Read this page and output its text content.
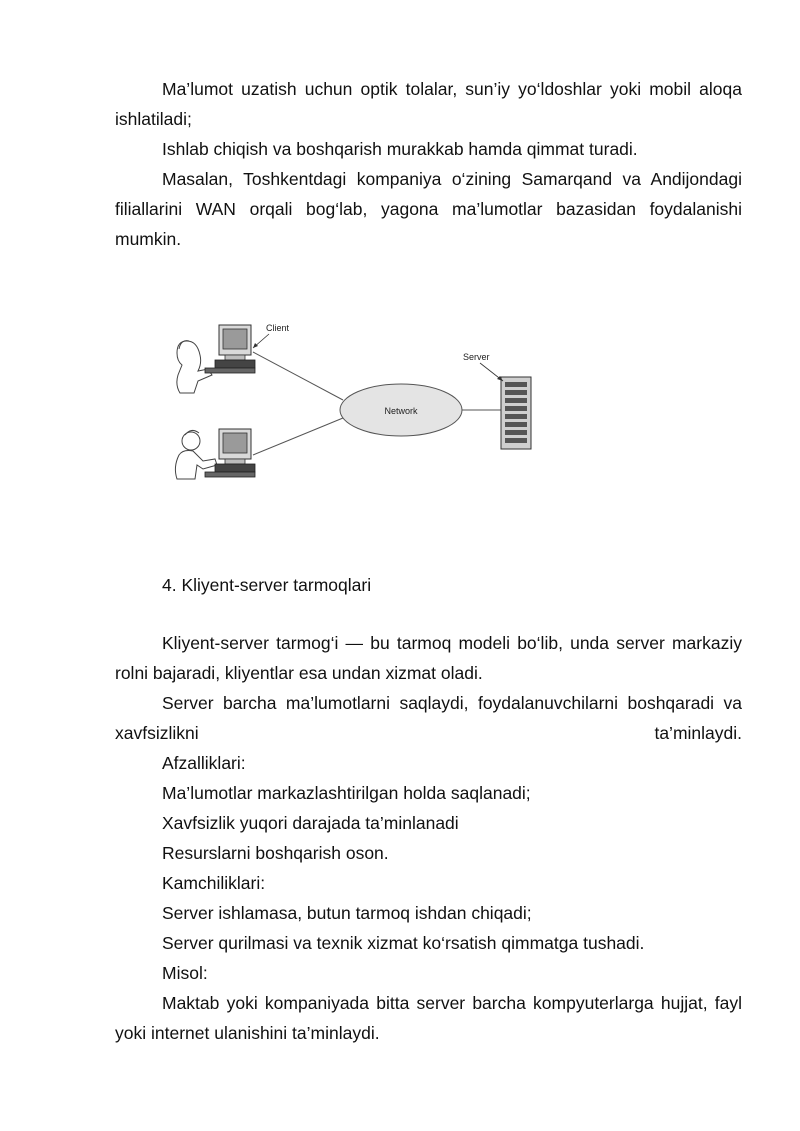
Ma’lumot uzatish uchun optik tolalar, sun’iy yo‘ldoshlar yoki mobil aloqa ishlatiladi;

Ishlab chiqish va boshqarish murakkab hamda qimmat turadi.

Masalan, Toshkentdagi kompaniya o‘zining Samarqand va Andijondagi filiallarini WAN orqali bog‘lab, yagona ma’lumotlar bazasidan foydalanishi mumkin.

Network
Client
Server

4. Kliyent-server tarmoqlari

Kliyent-server tarmog‘i — bu tarmoq modeli bo‘lib, unda server markaziy rolni bajaradi, kliyentlar esa undan xizmat oladi.

Server barcha ma’lumotlarni saqlaydi, foydalanuvchilarni boshqaradi va xavfsizlikni ta’minlaydi.

Afzalliklari:

Ma’lumotlar markazlashtirilgan holda saqlanadi;

Xavfsizlik yuqori darajada ta’minlanadi

Resurslarni boshqarish oson.

Kamchiliklari:

Server ishlamasa, butun tarmoq ishdan chiqadi;

Server qurilmasi va texnik xizmat ko‘rsatish qimmatga tushadi.

Misol:

Maktab yoki kompaniyada bitta server barcha kompyuterlarga hujjat, fayl yoki internet ulanishini ta’minlaydi.
